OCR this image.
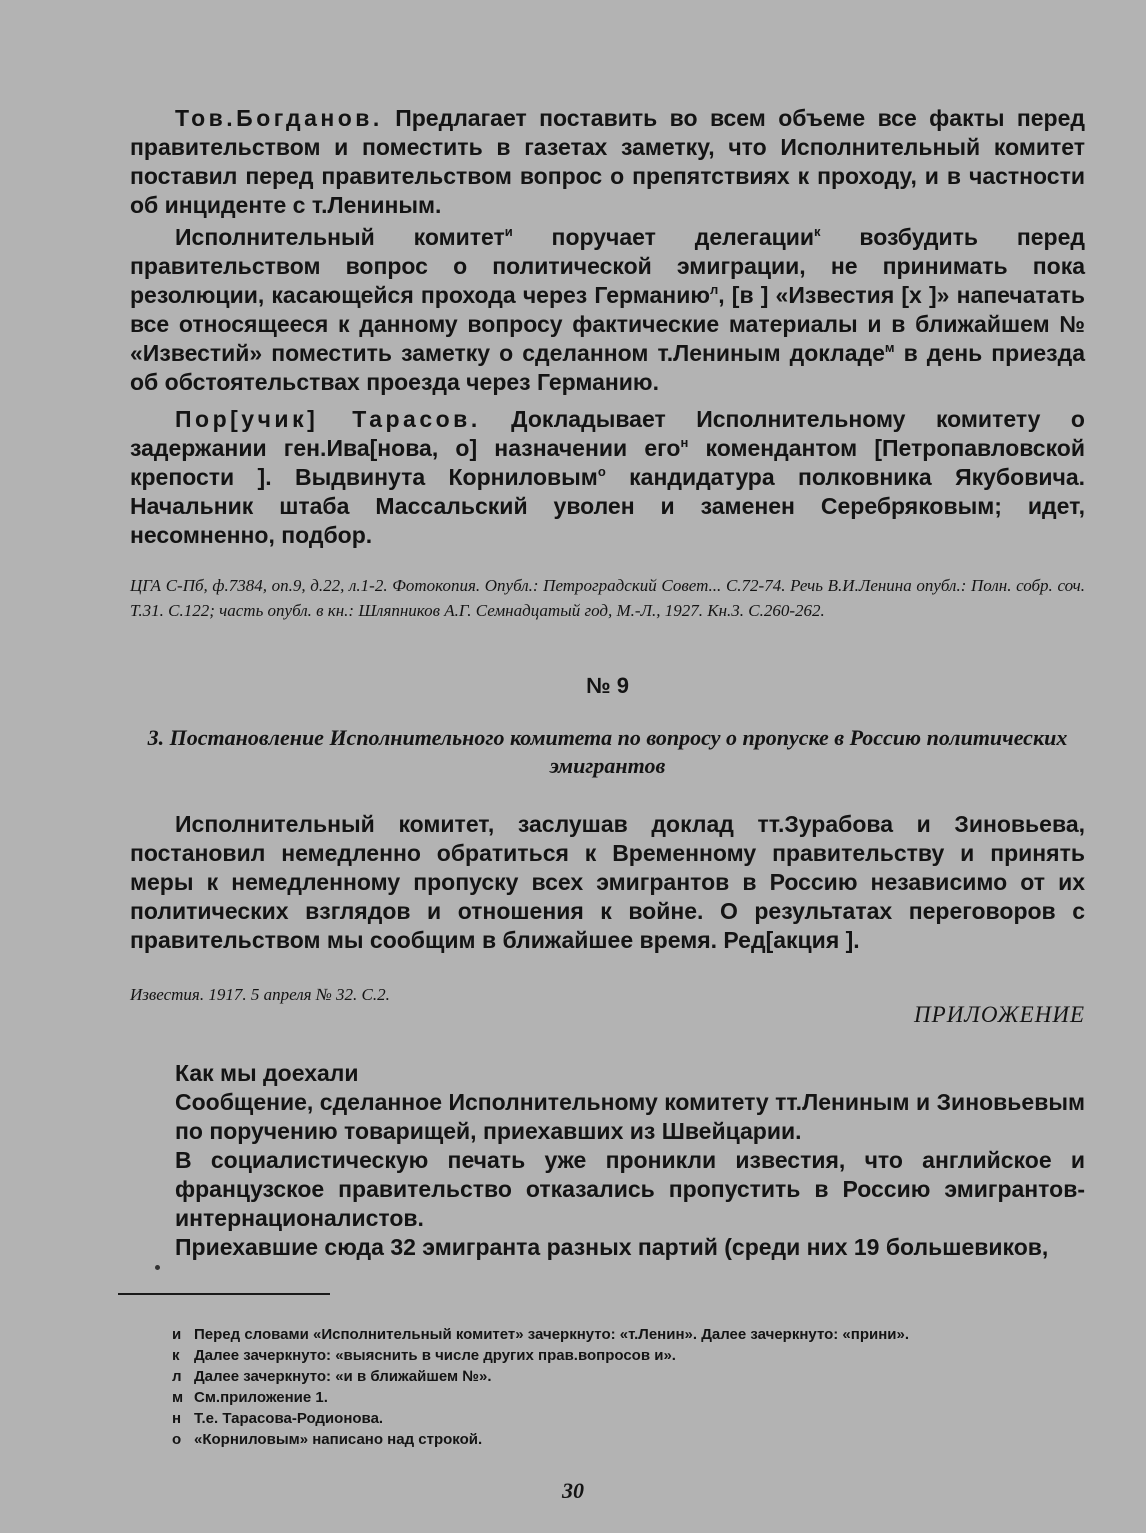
Тов.Богданов. Предлагает поставить во всем объеме все факты перед правительством и поместить в газетах заметку, что Исполнительный комитет поставил перед правительством вопрос о препятствиях к проходу, и в частности об инциденте с т.Лениным.

Исполнительный комитет$^и$ поручает делегации$^к$ возбудить перед правительством вопрос о политической эмиграции, не принимать пока резолюции, касающейся прохода через Германию$^л$, [в ] «Известия [х ]» напечатать все относящееся к данному вопросу фактические материалы и в ближайшем № «Известий» поместить заметку о сделанном т.Лениным докладе$^м$ в день приезда об обстоятельствах проезда через Германию.

Пор[учик] Тарасов. Докладывает Исполнительному комитету о задержании ген.Ива[нова, о] назначении его$^н$ комендантом [Петропавловской крепости ]. Выдвинута Корниловым$^о$ кандидатура полковника Якубовича. Начальник штаба Массальский уволен и заменен Серебряковым; идет, несомненно, подбор.

ЦГА С-Пб, ф.7384, оп.9, д.22, л.1-2. Фотокопия. Опубл.: Петроградский Совет... С.72-74. Речь В.И.Ленина опубл.: Полн. собр. соч. Т.31. С.122; часть опубл. в кн.: Шляпников А.Г. Семнадцатый год, М.-Л., 1927. Кн.3. С.260-262.

№ 9

3. Постановление Исполнительного комитета по вопросу о пропуске в Россию политических эмигрантов

Исполнительный комитет, заслушав доклад тт.Зурабова и Зиновьева, постановил немедленно обратиться к Временному правительству и принять меры к немедленному пропуску всех эмигрантов в Россию независимо от их политических взглядов и отношения к войне. О результатах переговоров с правительством мы сообщим в ближайшее время. Ред[акция ].

Известия. 1917. 5 апреля № 32. С.2.

ПРИЛОЖЕНИЕ

Как мы доехали

Сообщение, сделанное Исполнительному комитету тт.Лениным и Зиновьевым по поручению товарищей, приехавших из Швейцарии.

В социалистическую печать уже проникли известия, что английское и французское правительство отказались пропустить в Россию эмигрантов-интернационалистов.

Приехавшие сюда 32 эмигранта разных партий (среди них 19 большевиков,

и Перед словами «Исполнительный комитет» зачеркнуто: «т.Ленин». Далее зачеркнуто: «прини».
к Далее зачеркнуто: «выяснить в числе других прав.вопросов и».
л Далее зачеркнуто: «и в ближайшем №».
м См.приложение 1.
н Т.е. Тарасова-Родионова.
о «Корниловым» написано над строкой.
30
